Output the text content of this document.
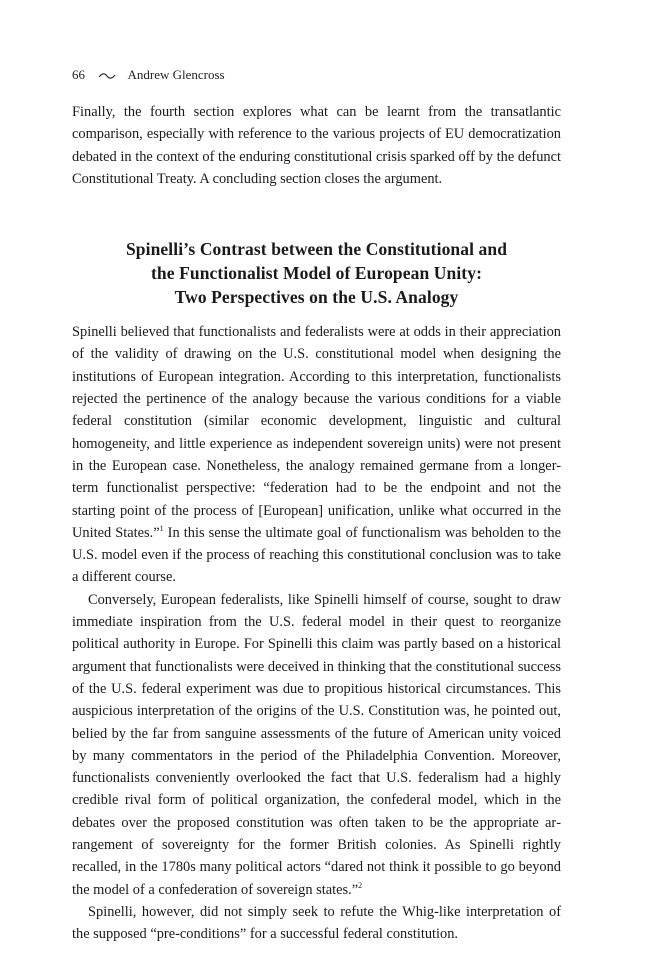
66	Andrew Glencross

Finally, the fourth section explores what can be learnt from the transatlantic comparison, especially with reference to the various projects of EU democratization debated in the context of the enduring constitutional crisis sparked off by the defunct Constitutional Treaty. A concluding section closes the argument.

Spinelli’s Contrast between the Constitutional and
the Functionalist Model of European Unity:
Two Perspectives on the U.S. Analogy

Spinelli believed that functionalists and federalists were at odds in their appreciation of the validity of drawing on the U.S. constitutional model when designing the institutions of European integration. According to this interpretation, functionalists rejected the pertinence of the analogy because the various conditions for a viable federal constitution (similar economic development, linguistic and cultural homogeneity, and little experience as independent sovereign units) were not present in the European case. Nonetheless, the analogy remained germane from a longer-term functionalist perspective: “federation had to be the endpoint and not the starting point of the process of [European] unification, unlike what occurred in the United States.”$^1$ In this sense the ultimate goal of functionalism was beholden to the U.S. model even if the process of reaching this constitutional conclusion was to take a different course.

Conversely, European federalists, like Spinelli himself of course, sought to draw immediate inspiration from the U.S. federal model in their quest to reorganize political authority in Europe. For Spinelli this claim was partly based on a historical argument that functionalists were deceived in thinking that the constitutional success of the U.S. federal experiment was due to propitious historical circumstances. This auspicious interpretation of the origins of the U.S. Constitution was, he pointed out, belied by the far from sanguine assessments of the future of American unity voiced by many commentators in the period of the Philadelphia Convention. Moreover, functionalists conveniently overlooked the fact that U.S. federalism had a highly credible rival form of political organization, the confederal model, which in the debates over the proposed constitution was often taken to be the appropriate arrangement of sovereignty for the former British colonies. As Spinelli rightly recalled, in the 1780s many political actors “dared not think it possible to go beyond the model of a confederation of sovereign states.”$^2$

Spinelli, however, did not simply seek to refute the Whig-like interpretation of the supposed “pre-conditions” for a successful federal constitution.
